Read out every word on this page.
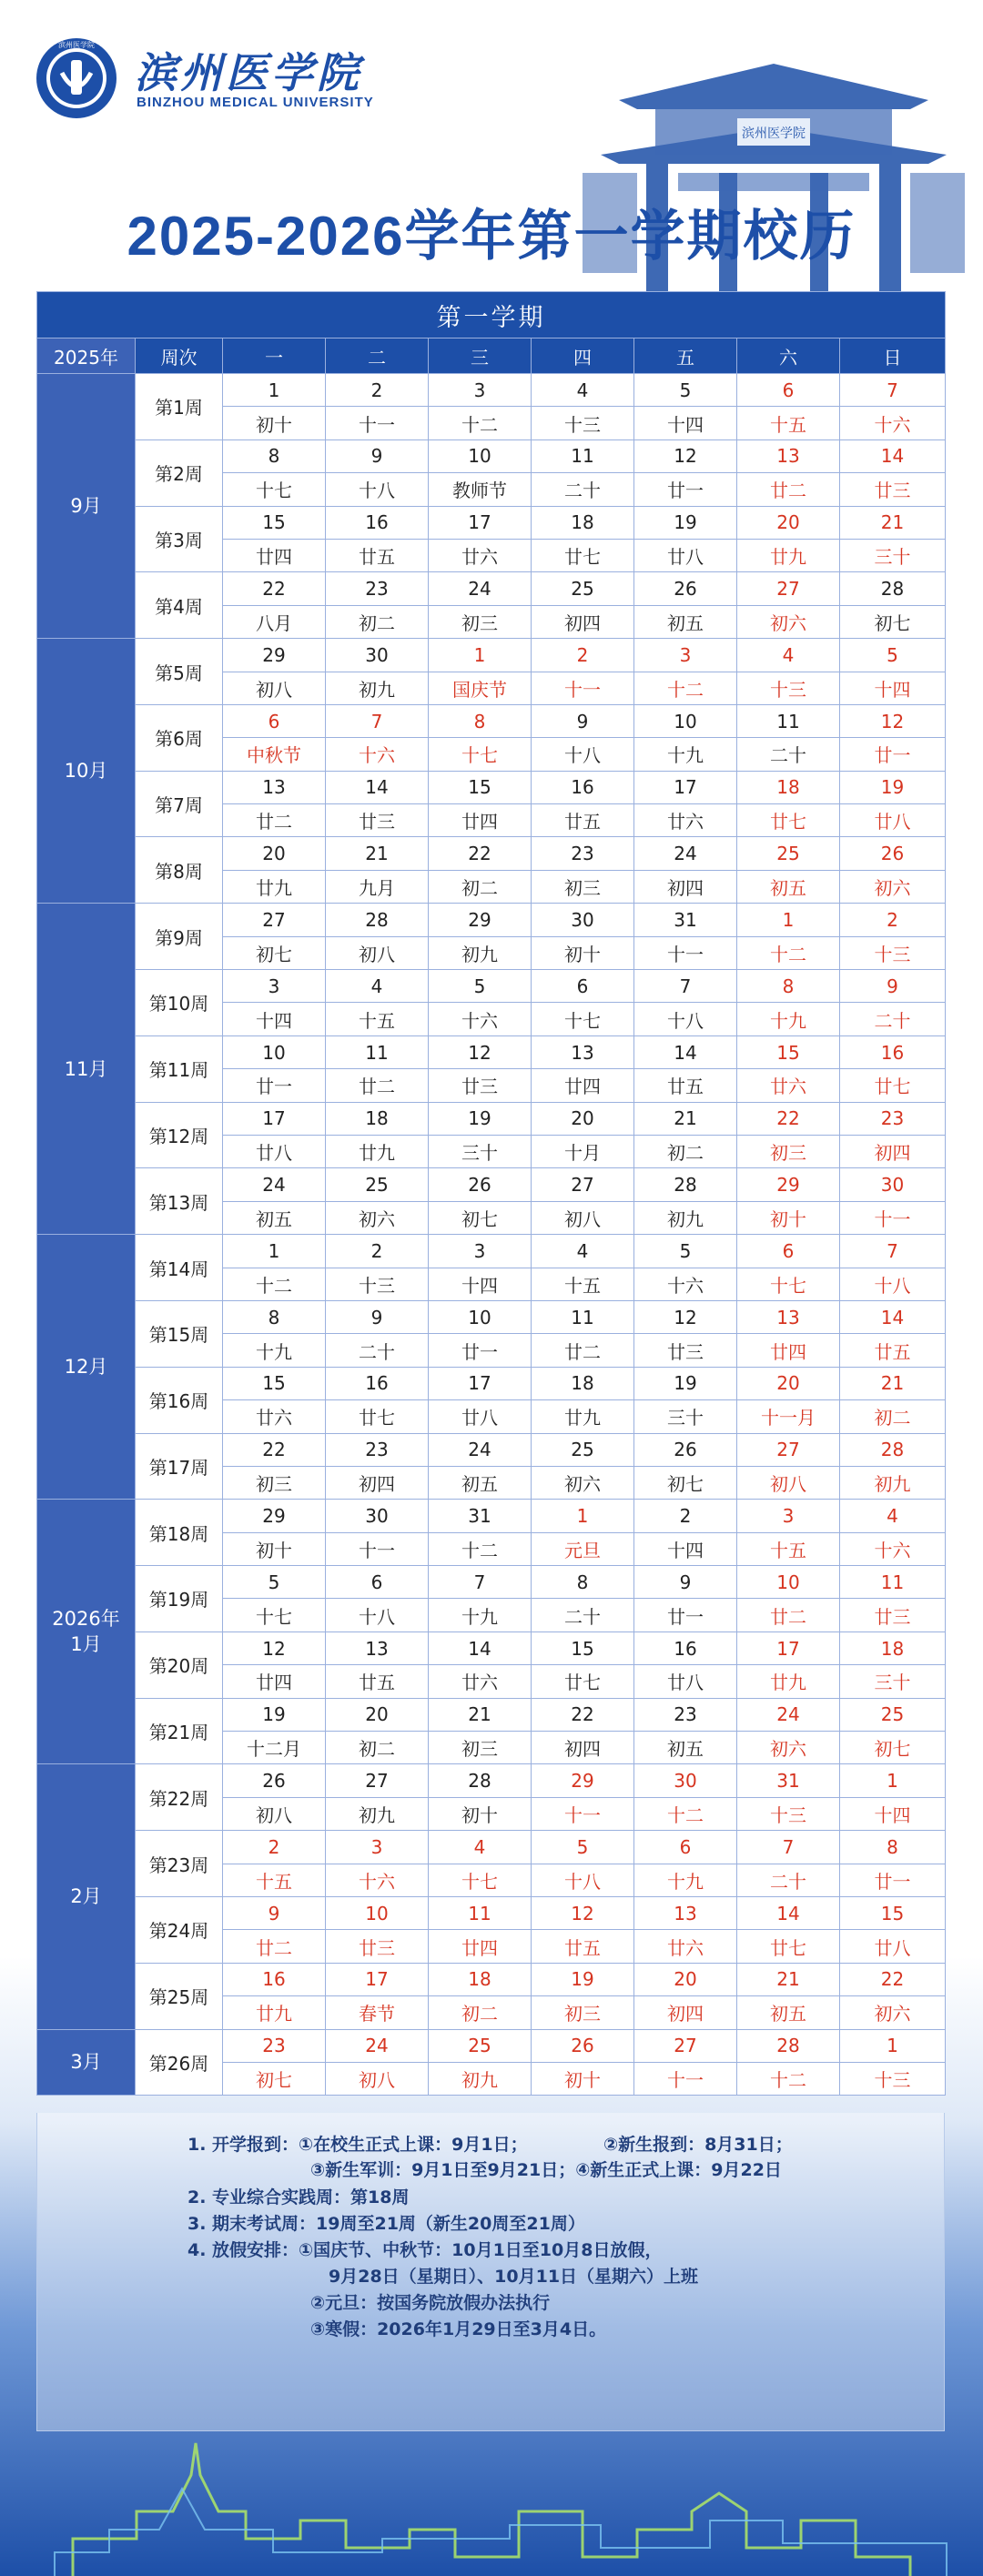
滨州医学院
滨州医学院
BINZHOU MEDICAL UNIVERSITY
滨州医学院
2025-2026学年第一学期校历
第一学期								
2025年	周次	一	二	三	四	五	六	日
9月	第1周	1	2	3	4	5	6	7
		初十	十一	十二	十三	十四	十五	十六
	第2周	8	9	10	11	12	13	14
		十七	十八	教师节	二十	廿一	廿二	廿三
	第3周	15	16	17	18	19	20	21
		廿四	廿五	廿六	廿七	廿八	廿九	三十
	第4周	22	23	24	25	26	27	28
		八月	初二	初三	初四	初五	初六	初七
10月	第5周	29	30	1	2	3	4	5
		初八	初九	国庆节	十一	十二	十三	十四
	第6周	6	7	8	9	10	11	12
		中秋节	十六	十七	十八	十九	二十	廿一
	第7周	13	14	15	16	17	18	19
		廿二	廿三	廿四	廿五	廿六	廿七	廿八
	第8周	20	21	22	23	24	25	26
		廿九	九月	初二	初三	初四	初五	初六
11月	第9周	27	28	29	30	31	1	2
		初七	初八	初九	初十	十一	十二	十三
	第10周	3	4	5	6	7	8	9
		十四	十五	十六	十七	十八	十九	二十
	第11周	10	11	12	13	14	15	16
		廿一	廿二	廿三	廿四	廿五	廿六	廿七
	第12周	17	18	19	20	21	22	23
		廿八	廿九	三十	十月	初二	初三	初四
	第13周	24	25	26	27	28	29	30
		初五	初六	初七	初八	初九	初十	十一
12月	第14周	1	2	3	4	5	6	7
		十二	十三	十四	十五	十六	十七	十八
	第15周	8	9	10	11	12	13	14
		十九	二十	廿一	廿二	廿三	廿四	廿五
	第16周	15	16	17	18	19	20	21
		廿六	廿七	廿八	廿九	三十	十一月	初二
	第17周	22	23	24	25	26	27	28
		初三	初四	初五	初六	初七	初八	初九
2026年
1月	第18周	29	30	31	1	2	3	4
		初十	十一	十二	元旦	十四	十五	十六
	第19周	5	6	7	8	9	10	11
		十七	十八	十九	二十	廿一	廿二	廿三
	第20周	12	13	14	15	16	17	18
		廿四	廿五	廿六	廿七	廿八	廿九	三十
	第21周	19	20	21	22	23	24	25
		十二月	初二	初三	初四	初五	初六	初七
2月	第22周	26	27	28	29	30	31	1
		初八	初九	初十	十一	十二	十三	十四
	第23周	2	3	4	5	6	7	8
		十五	十六	十七	十八	十九	二十	廿一
	第24周	9	10	11	12	13	14	15
		廿二	廿三	廿四	廿五	廿六	廿七	廿八
	第25周	16	17	18	19	20	21	22
		廿九	春节	初二	初三	初四	初五	初六
3月	第26周	23	24	25	26	27	28	1
		初七	初八	初九	初十	十一	十二	十三
1. 开学报到：①在校生正式上课：9月1日；	②新生报到：8月31日；
③新生军训：9月1日至9月21日；④新生正式上课：9月22日
2. 专业综合实践周：第18周
3. 期末考试周：19周至21周（新生20周至21周）
4. 放假安排：①国庆节、中秋节：10月1日至10月8日放假，
9月28日（星期日）、10月11日（星期六）上班
②元旦：按国务院放假办法执行
③寒假：2026年1月29日至3月4日。
